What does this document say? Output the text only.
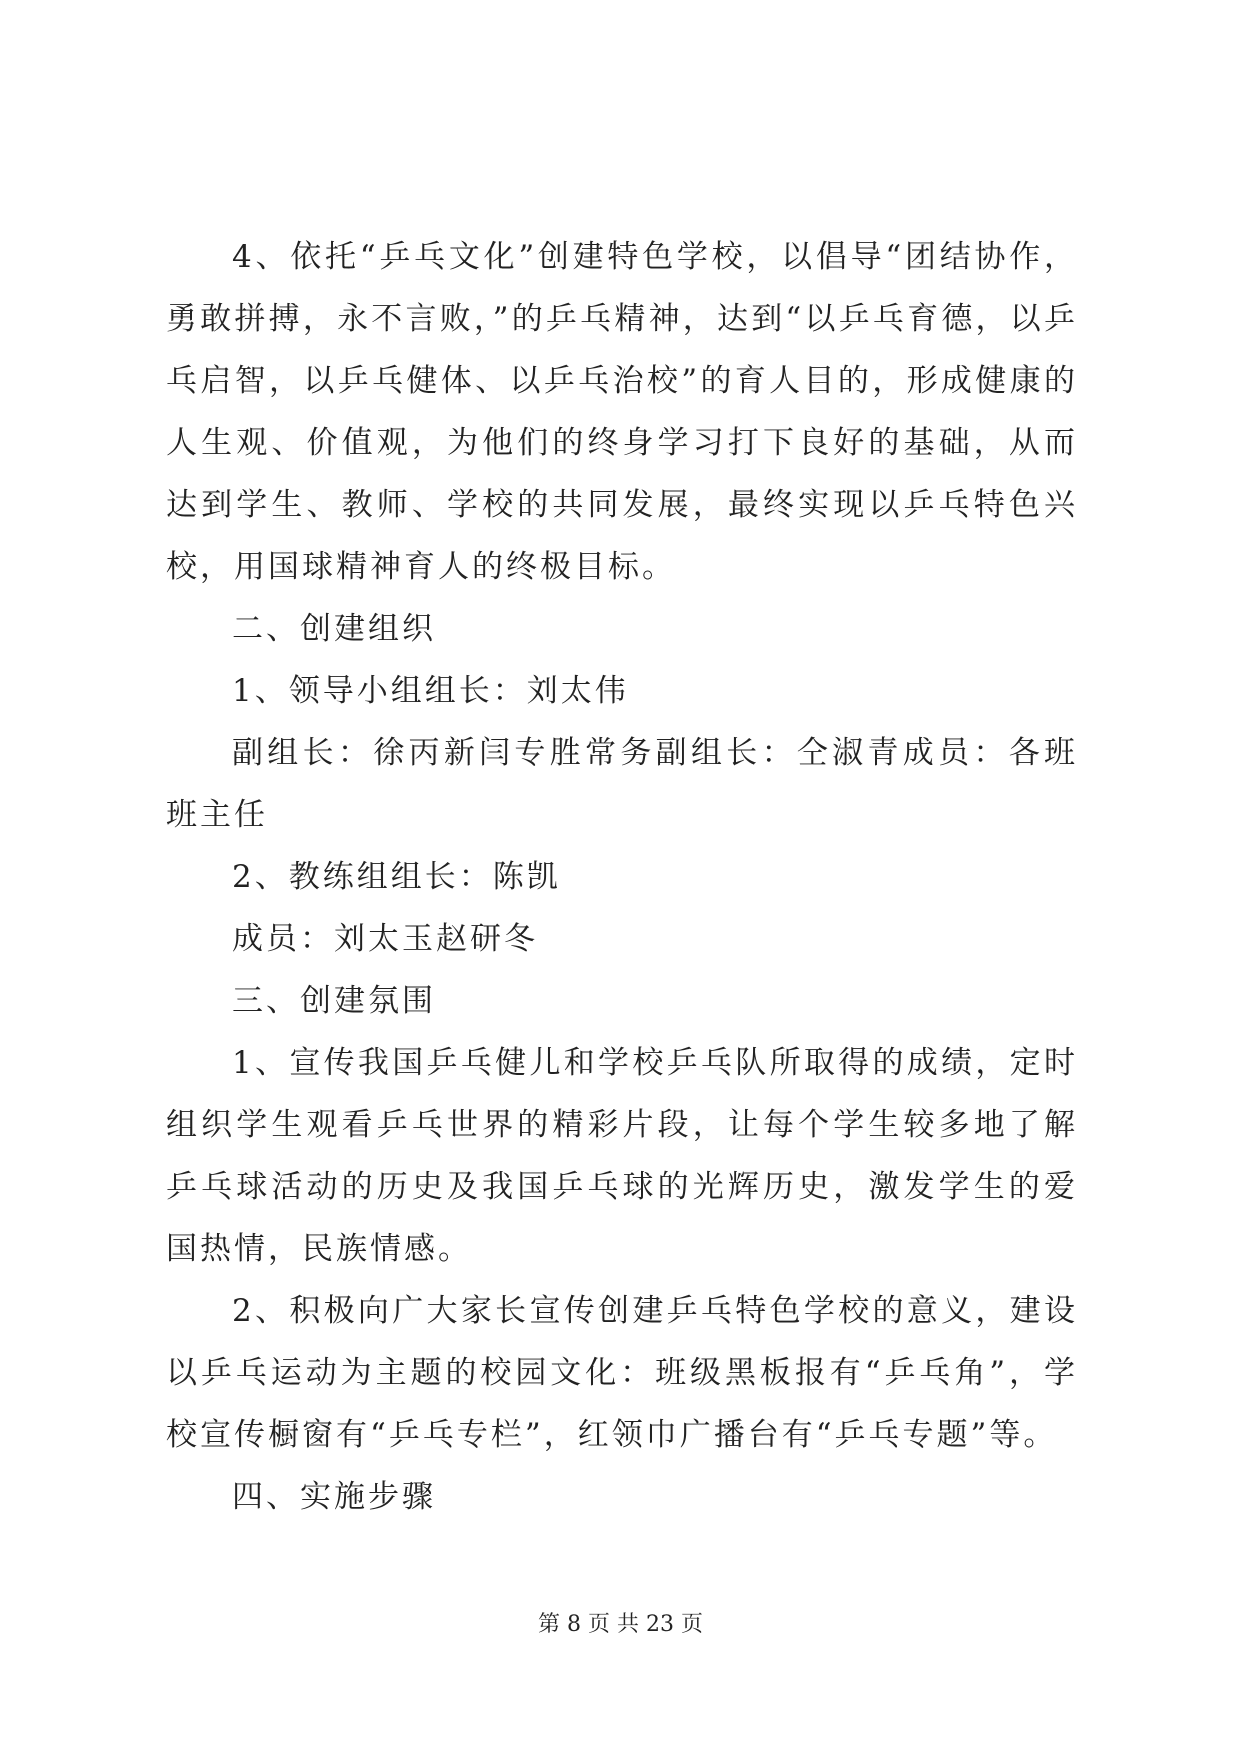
4、依托“乒乓文化”创建特色学校，以倡导“团结协作，勇敢拼搏，永不言败，”的乒乓精神，达到“以乒乓育德，以乒乓启智，以乒乓健体、以乒乓治校”的育人目的，形成健康的人生观、价值观，为他们的终身学习打下良好的基础，从而达到学生、教师、学校的共同发展，最终实现以乒乓特色兴校，用国球精神育人的终极目标。

二、创建组织

1、领导小组组长：刘太伟

副组长：徐丙新闫专胜常务副组长：仝淑青成员：各班班主任

2、教练组组长：陈凯

成员：刘太玉赵研冬

三、创建氛围

1、宣传我国乒乓健儿和学校乒乓队所取得的成绩，定时组织学生观看乒乓世界的精彩片段，让每个学生较多地了解乒乓球活动的历史及我国乒乓球的光辉历史，激发学生的爱国热情，民族情感。

2、积极向广大家长宣传创建乒乓特色学校的意义，建设以乒乓运动为主题的校园文化：班级黑板报有“乒乓角”，学校宣传橱窗有“乒乓专栏”，红领巾广播台有“乒乓专题”等。

四、实施步骤

第 8 页 共 23 页
